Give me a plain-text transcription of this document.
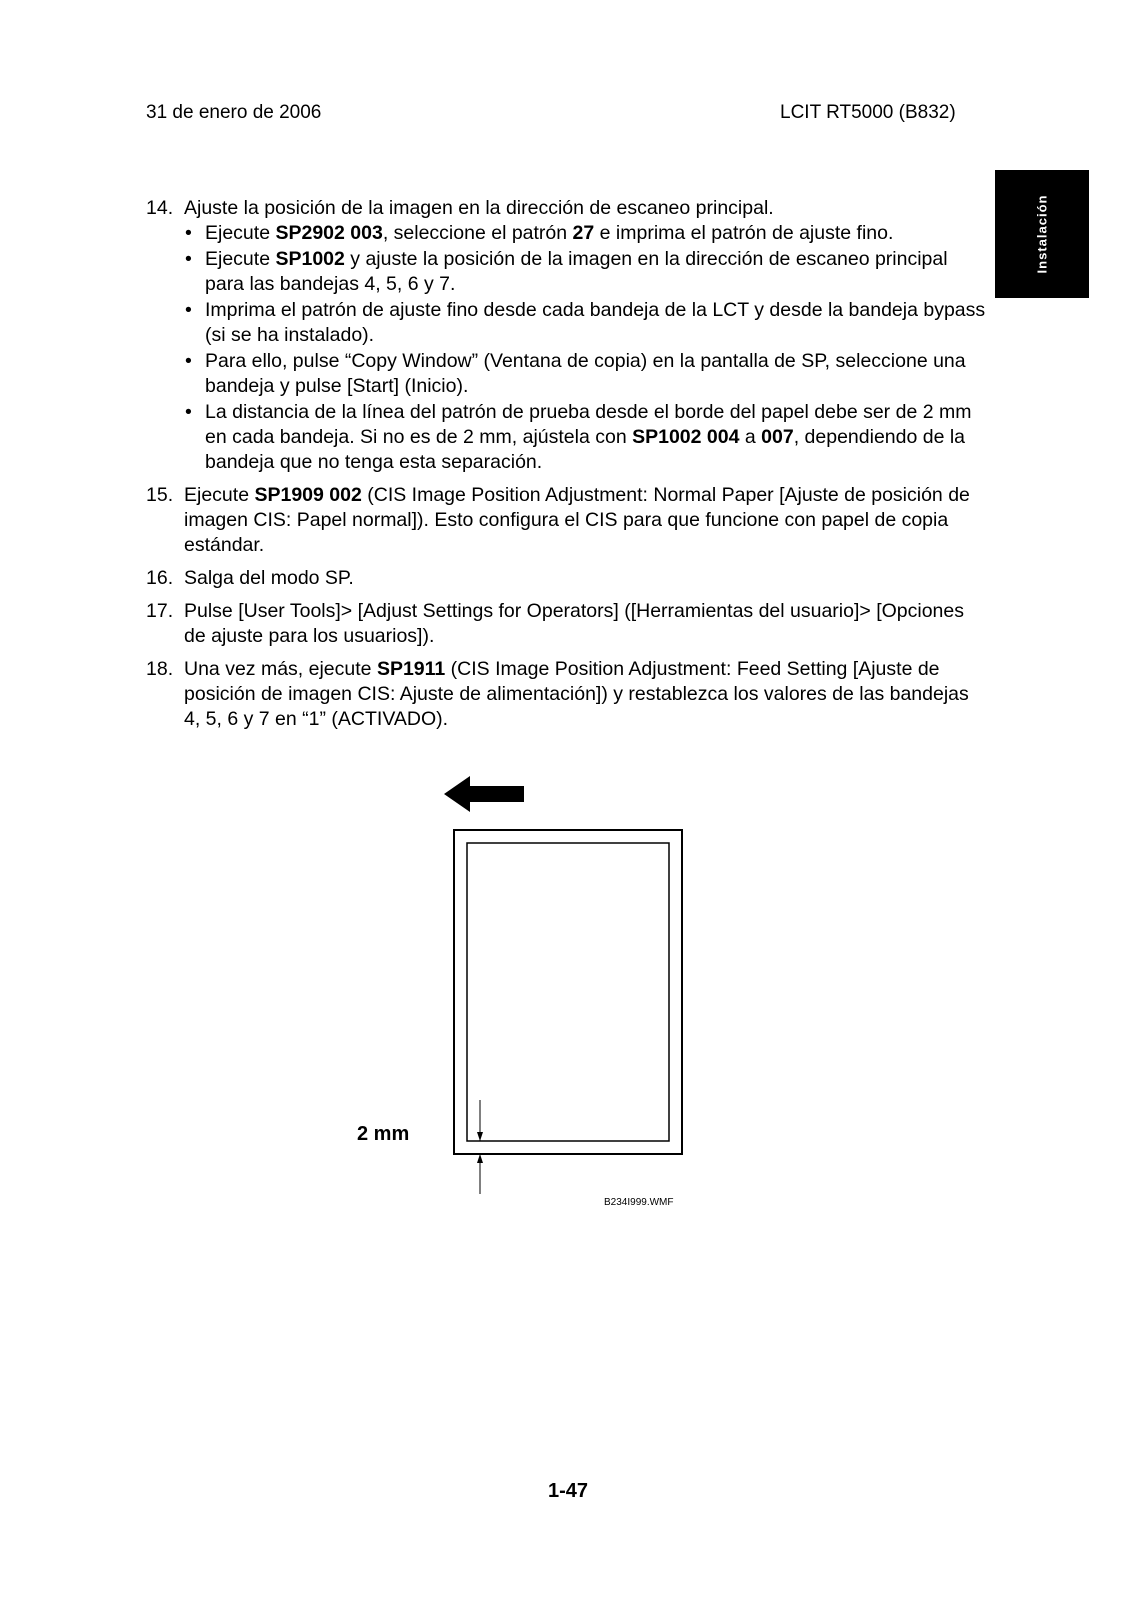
31 de enero de 2006	LCIT RT5000 (B832)
Instalación
14. Ajuste la posición de la imagen en la dirección de escaneo principal.
• Ejecute SP2902 003, seleccione el patrón 27 e imprima el patrón de ajuste fino.
• Ejecute SP1002 y ajuste la posición de la imagen en la dirección de escaneo principal para las bandejas 4, 5, 6 y 7.
• Imprima el patrón de ajuste fino desde cada bandeja de la LCT y desde la bandeja bypass (si se ha instalado).
• Para ello, pulse “Copy Window” (Ventana de copia) en la pantalla de SP, seleccione una bandeja y pulse [Start] (Inicio).
• La distancia de la línea del patrón de prueba desde el borde del papel debe ser de 2 mm en cada bandeja. Si no es de 2 mm, ajústela con SP1002 004 a 007, dependiendo de la bandeja que no tenga esta separación.
15. Ejecute SP1909 002 (CIS Image Position Adjustment: Normal Paper [Ajuste de posición de imagen CIS: Papel normal]). Esto configura el CIS para que funcione con papel de copia estándar.
16. Salga del modo SP.
17. Pulse [User Tools]> [Adjust Settings for Operators] ([Herramientas del usuario]> [Opciones de ajuste para los usuarios]).
18. Una vez más, ejecute SP1911 (CIS Image Position Adjustment: Feed Setting [Ajuste de posición de imagen CIS: Ajuste de alimentación]) y restablezca los valores de las bandejas 4, 5, 6 y 7 en “1” (ACTIVADO).
2 mm
B234I999.WMF
1-47
